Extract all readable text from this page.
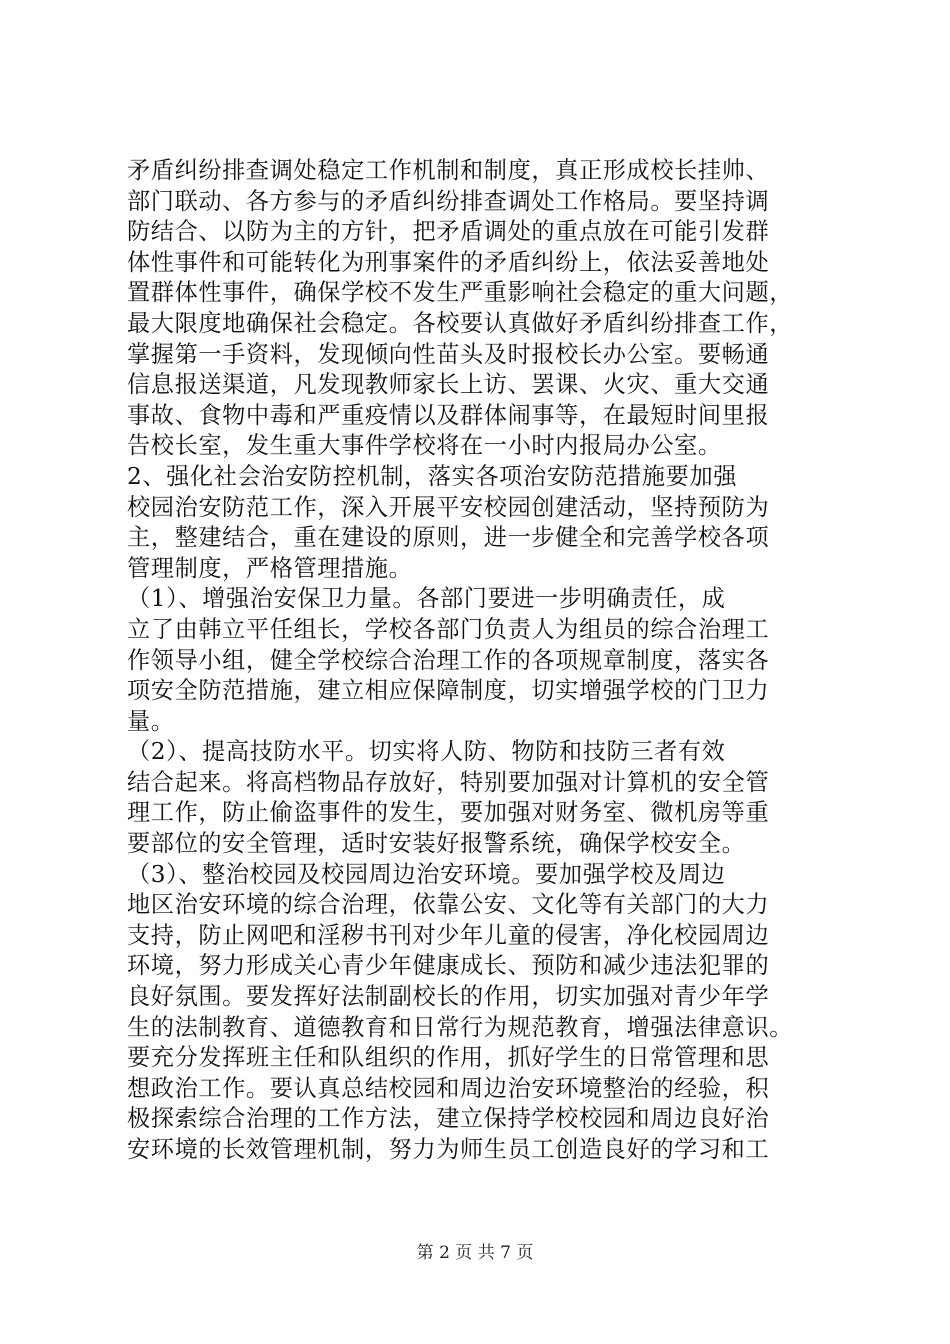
矛盾纠纷排查调处稳定工作机制和制度，真正形成校长挂帅、
部门联动、各方参与的矛盾纠纷排查调处工作格局。要坚持调
防结合、以防为主的方针，把矛盾调处的重点放在可能引发群
体性事件和可能转化为刑事案件的矛盾纠纷上，依法妥善地处
置群体性事件，确保学校不发生严重影响社会稳定的重大问题，
最大限度地确保社会稳定。各校要认真做好矛盾纠纷排查工作，
掌握第一手资料，发现倾向性苗头及时报校长办公室。要畅通
信息报送渠道，凡发现教师家长上访、罢课、火灾、重大交通
事故、食物中毒和严重疫情以及群体闹事等，在最短时间里报
告校长室，发生重大事件学校将在一小时内报局办公室。
2、强化社会治安防控机制，落实各项治安防范措施要加强
校园治安防范工作，深入开展平安校园创建活动，坚持预防为
主，整建结合，重在建设的原则，进一步健全和完善学校各项
管理制度，严格管理措施。
（1）、增强治安保卫力量。各部门要进一步明确责任，成
立了由韩立平任组长，学校各部门负责人为组员的综合治理工
作领导小组，健全学校综合治理工作的各项规章制度，落实各
项安全防范措施，建立相应保障制度，切实增强学校的门卫力
量。
（2）、提高技防水平。切实将人防、物防和技防三者有效
结合起来。将高档物品存放好，特别要加强对计算机的安全管
理工作，防止偷盗事件的发生，要加强对财务室、微机房等重
要部位的安全管理，适时安装好报警系统，确保学校安全。
（3）、整治校园及校园周边治安环境。要加强学校及周边
地区治安环境的综合治理，依靠公安、文化等有关部门的大力
支持，防止网吧和淫秽书刊对少年儿童的侵害，净化校园周边
环境，努力形成关心青少年健康成长、预防和减少违法犯罪的
良好氛围。要发挥好法制副校长的作用，切实加强对青少年学
生的法制教育、道德教育和日常行为规范教育，增强法律意识。
要充分发挥班主任和队组织的作用，抓好学生的日常管理和思
想政治工作。要认真总结校园和周边治安环境整治的经验，积
极探索综合治理的工作方法，建立保持学校校园和周边良好治
安环境的长效管理机制，努力为师生员工创造良好的学习和工
第 2 页 共 7 页
